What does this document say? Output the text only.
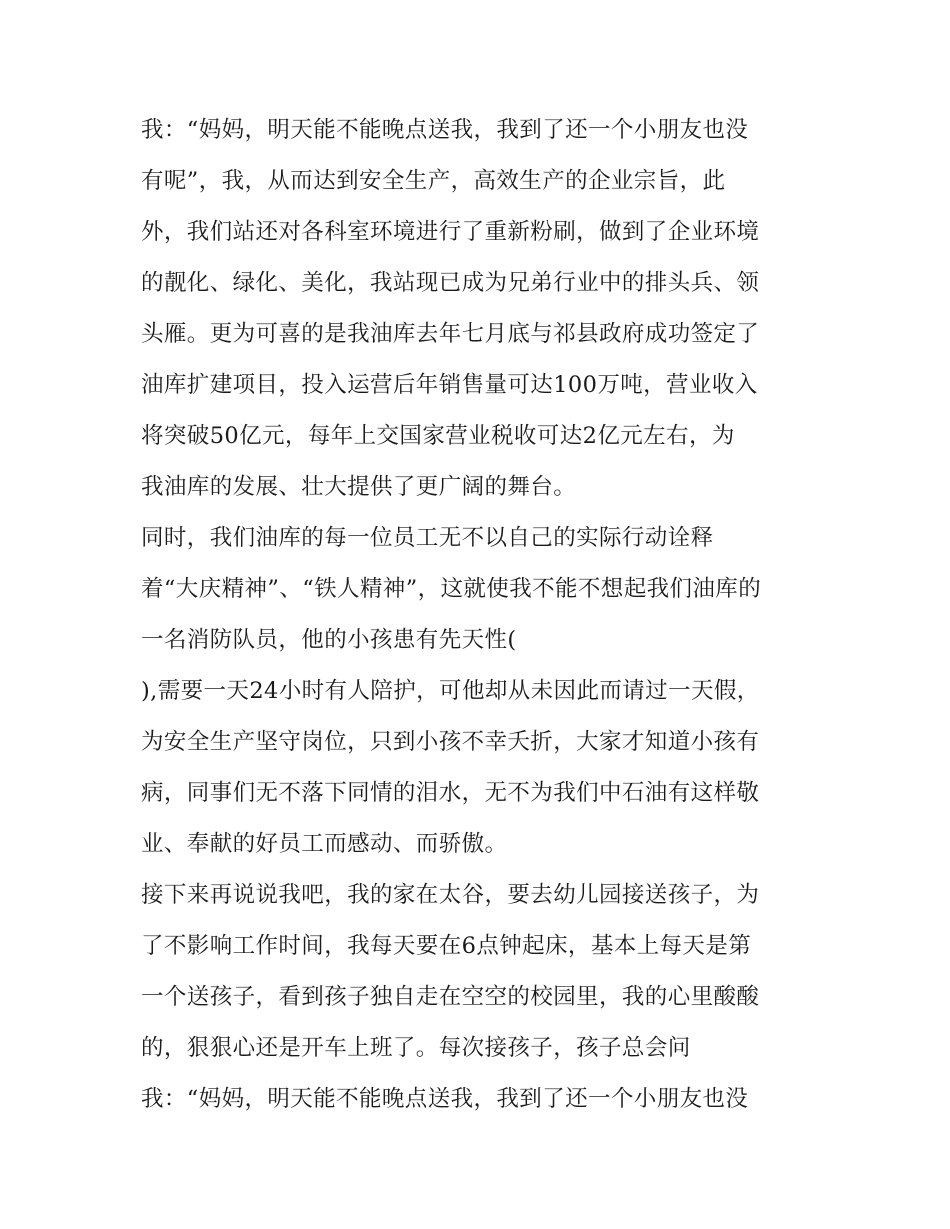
我：“妈妈，明天能不能晚点送我，我到了还一个小朋友也没
有呢”，我，从而达到安全生产，高效生产的企业宗旨，此
外，我们站还对各科室环境进行了重新粉刷，做到了企业环境
的靓化、绿化、美化，我站现已成为兄弟行业中的排头兵、领
头雁。更为可喜的是我油库去年七月底与祁县政府成功签定了
油库扩建项目，投入运营后年销售量可达100万吨，营业收入
将突破50亿元，每年上交国家营业税收可达2亿元左右，为
我油库的发展、壮大提供了更广阔的舞台。
同时，我们油库的每一位员工无不以自己的实际行动诠释
着“大庆精神”、“铁人精神”，这就使我不能不想起我们油库的
一名消防队员，他的小孩患有先天性(
),需要一天24小时有人陪护，可他却从未因此而请过一天假，
为安全生产坚守岗位，只到小孩不幸夭折，大家才知道小孩有
病，同事们无不落下同情的泪水，无不为我们中石油有这样敬
业、奉献的好员工而感动、而骄傲。
接下来再说说我吧，我的家在太谷，要去幼儿园接送孩子，为
了不影响工作时间，我每天要在6点钟起床，基本上每天是第
一个送孩子，看到孩子独自走在空空的校园里，我的心里酸酸
的，狠狠心还是开车上班了。每次接孩子，孩子总会问
我：“妈妈，明天能不能晚点送我，我到了还一个小朋友也没
